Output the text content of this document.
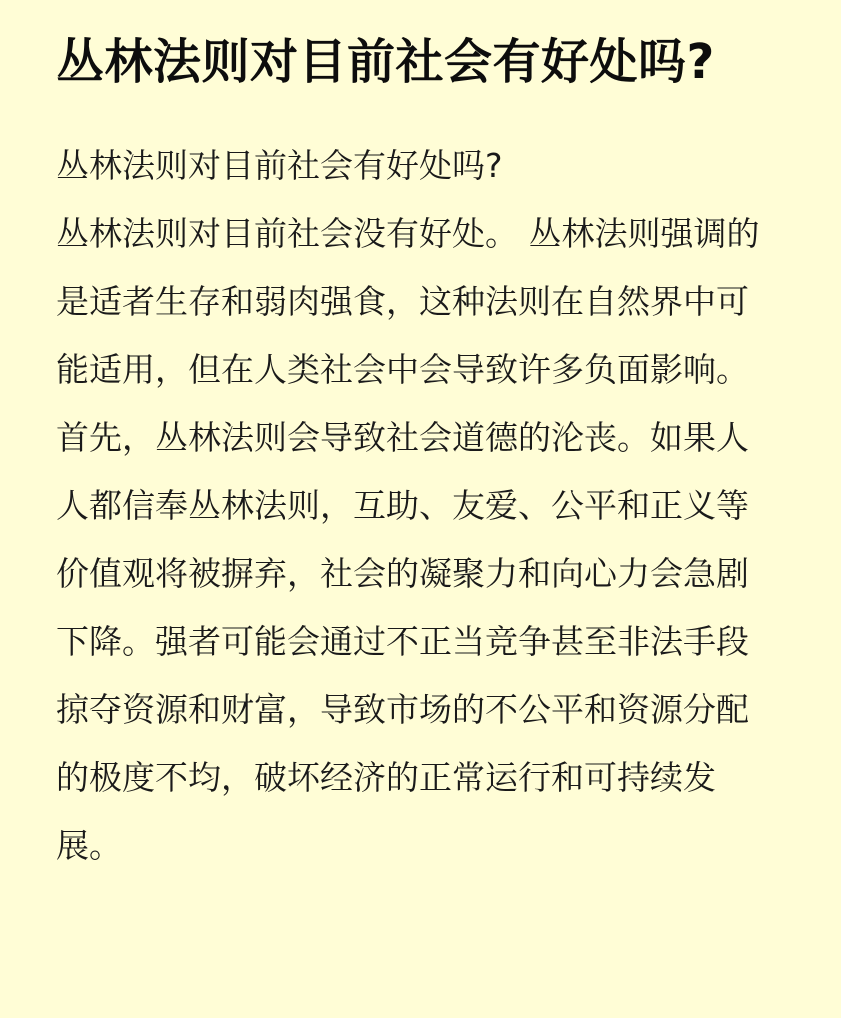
丛林法则对目前社会有好处吗?

丛林法则对目前社会有好处吗?

丛林法则对目前社会没有好处。 丛林法则强调的是适者生存和弱肉强食，这种法则在自然界中可能适用，但在人类社会中会导致许多负面影响。

首先，丛林法则会导致社会道德的沦丧。如果人人都信奉丛林法则，互助、友爱、公平和正义等价值观将被摒弃，社会的凝聚力和向心力会急剧下降。强者可能会通过不正当竞争甚至非法手段掠夺资源和财富，导致市场的不公平和资源分配的极度不均，破坏经济的正常运行和可持续发展。
